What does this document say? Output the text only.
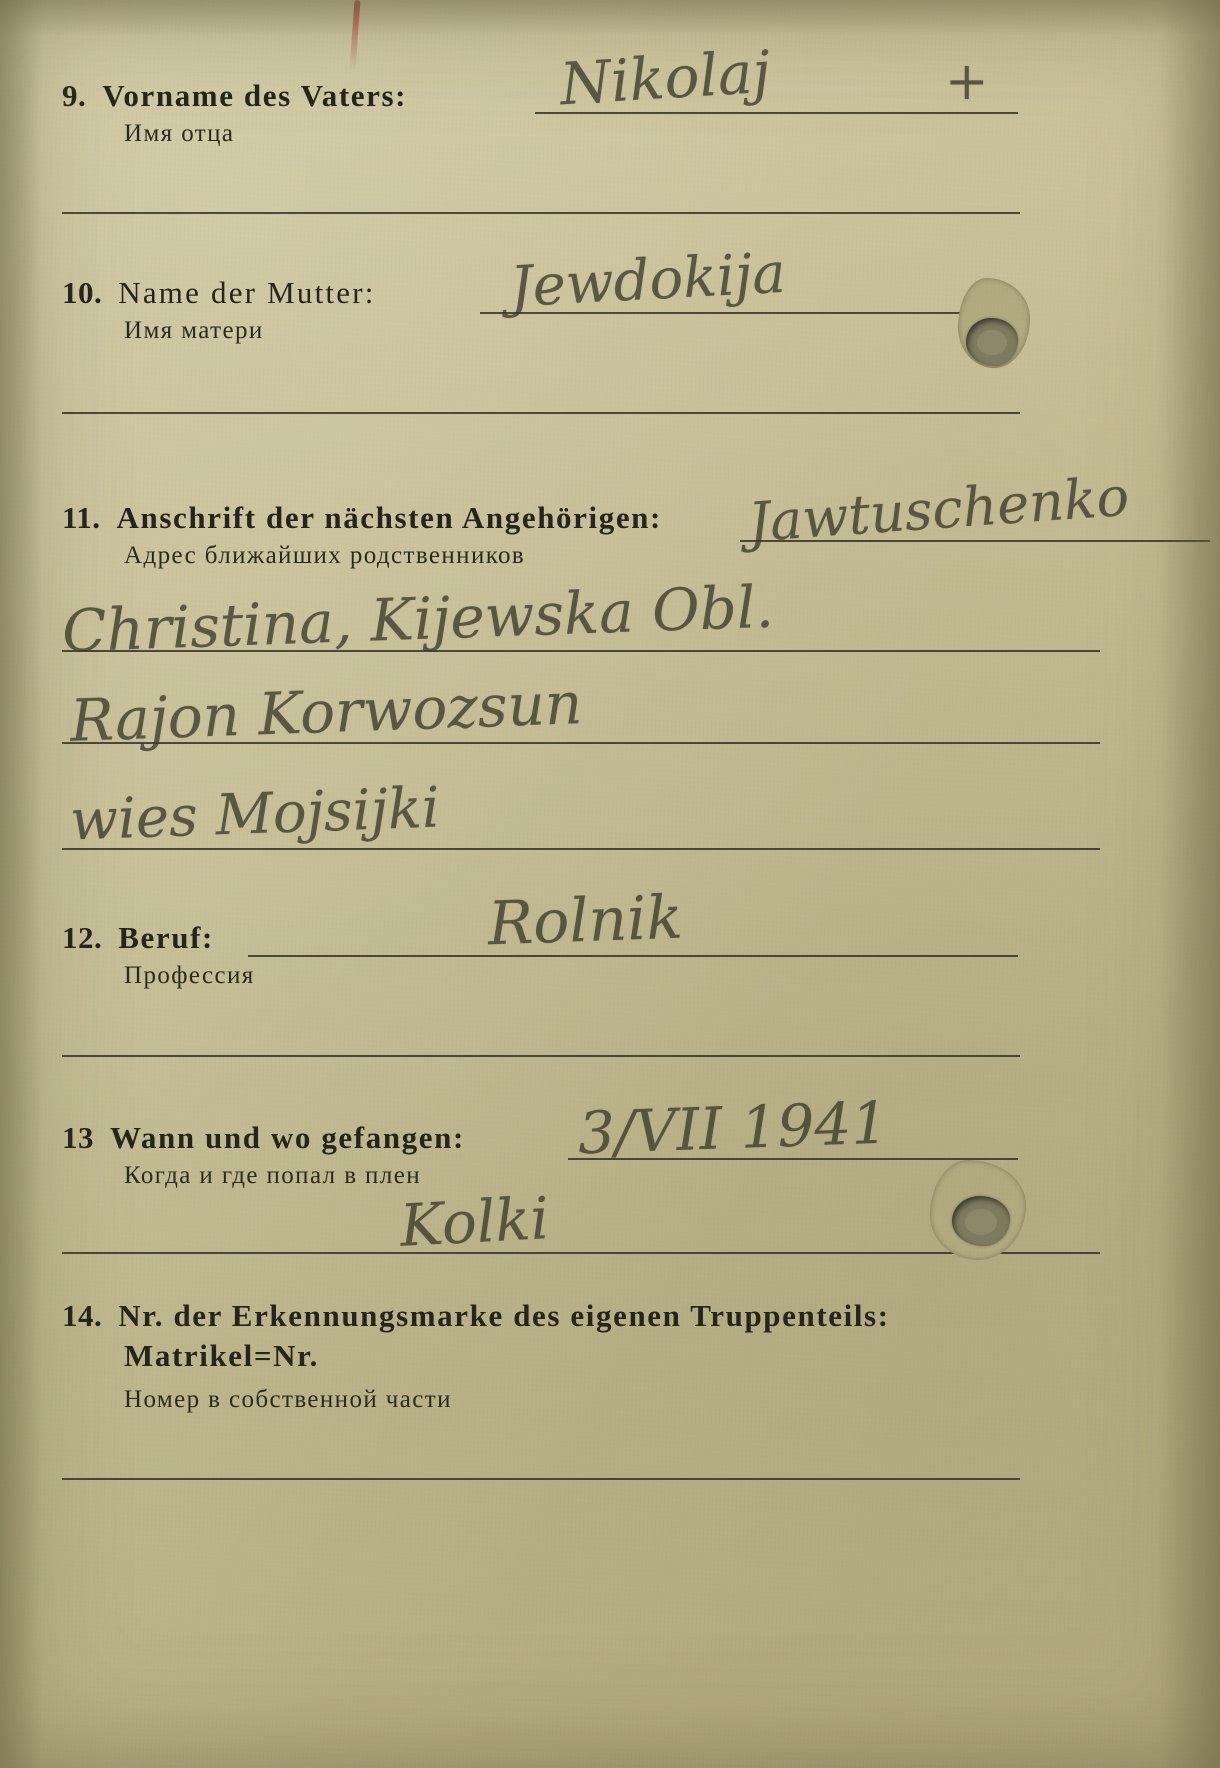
9. Vorname des Vaters:
Имя отца
Nikolaj	+
10. Name der Mutter:
Имя матери
Jewdokija
11. Anschrift der nächsten Angehörigen:
Адрес ближайших родственников
Jawtuschenko
Christina, Kijewska Obl.
Rajon Korwozsun
wies Mojsijki
12. Beruf:
Профессия
Rolnik
13 Wann und wo gefangen:
Когда и где попал в плен
3/VII 1941
Kolki
14. Nr. der Erkennungsmarke des eigenen Truppenteils:
Matrikel=Nr.
Номер в собственной части
